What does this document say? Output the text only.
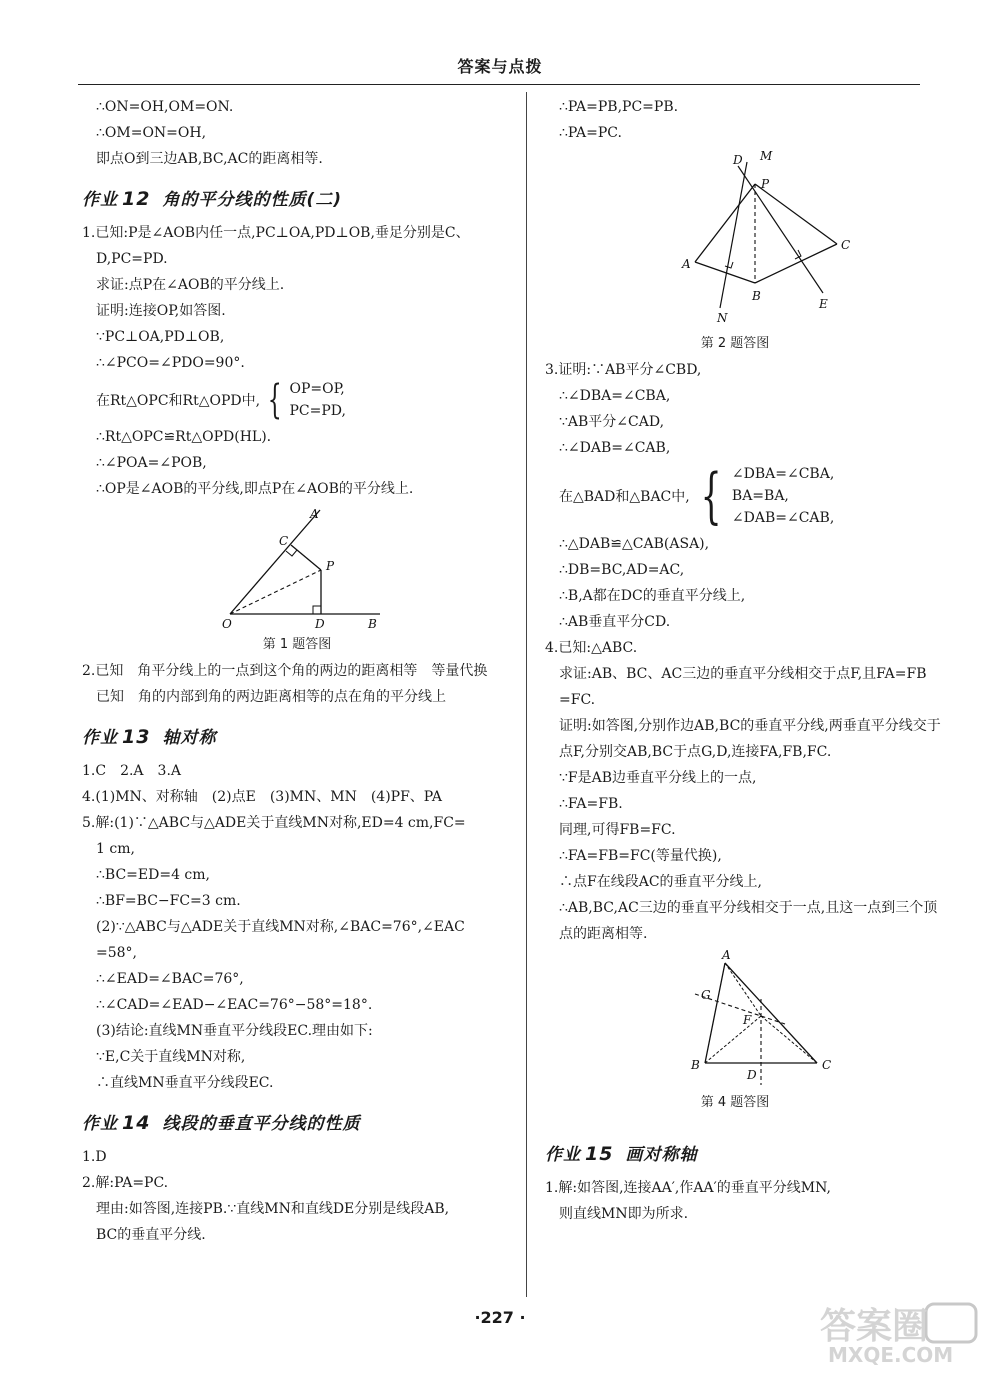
答案与点拨
∴ON=OH,OM=ON.
∴OM=ON=OH,
即点O到三边AB,BC,AC的距离相等.
作业 12 角的平分线的性质(二)
1.已知:P是∠AOB内任一点,PC⊥OA,PD⊥OB,垂足分别是C、
D,PC=PD.
求证:点P在∠AOB的平分线上.
证明:连接OP,如答图.
∵PC⊥OA,PD⊥OB,
∴∠PCO=∠PDO=90°.
在Rt△OPC和Rt△OPD中, { OP=OP,
PC=PD,
∴Rt△OPC≌Rt△OPD(HL).
∴∠POA=∠POB,
∴OP是∠AOB的平分线,即点P在∠AOB的平分线上.
A
C
P
O	D	B
第 1 题答图
2.已知　角平分线上的一点到这个角的两边的距离相等　等量代换
已知　角的内部到角的两边距离相等的点在角的平分线上
作业 13 轴对称
1.C　2.A　3.A
4.(1)MN、对称轴　(2)点E　(3)MN、MN　(4)PF、PA
5.解:(1)∵△ABC与△ADE关于直线MN对称,ED=4 cm,FC=
1 cm,
∴BC=ED=4 cm,
∴BF=BC−FC=3 cm.
(2)∵△ABC与△ADE关于直线MN对称,∠BAC=76°,∠EAC
=58°,
∴∠EAD=∠BAC=76°,
∴∠CAD=∠EAD−∠EAC=76°−58°=18°.
(3)结论:直线MN垂直平分线段EC.理由如下:
∵E,C关于直线MN对称,
∴直线MN垂直平分线段EC.
作业 14 线段的垂直平分线的性质
1.D
2.解:PA=PC.
理由:如答图,连接PB.∵直线MN和直线DE分别是线段AB,
BC的垂直平分线.
∴PA=PB,PC=PB.
∴PA=PC.
D M
P
A
C
N
B
E
第 2 题答图
3.证明:∵AB平分∠CBD,
∴∠DBA=∠CBA,
∵AB平分∠CAD,
∴∠DAB=∠CAB,
在△BAD和△BAC中, { ∠DBA=∠CBA,
BA=BA,
∠DAB=∠CAB,
∴△DAB≌△CAB(ASA),
∴DB=BC,AD=AC,
∴B,A都在DC的垂直平分线上,
∴AB垂直平分CD.
4.已知:△ABC.
求证:AB、BC、AC三边的垂直平分线相交于点F,且FA=FB
=FC.
证明:如答图,分别作边AB,BC的垂直平分线,两垂直平分线交于
点F,分别交AB,BC于点G,D,连接FA,FB,FC.
∵F是AB边垂直平分线上的一点,
∴FA=FB.
同理,可得FB=FC.
∴FA=FB=FC(等量代换),
∴点F在线段AC的垂直平分线上,
∴AB,BC,AC三边的垂直平分线相交于一点,且这一点到三个顶
点的距离相等.
A
G
F
B
D
C
第 4 题答图
作业 15 画对称轴
1.解:如答图,连接AA′,作AA′的垂直平分线MN,
则直线MN即为所求.
·227 ·	答案圈
MXQE.COM
